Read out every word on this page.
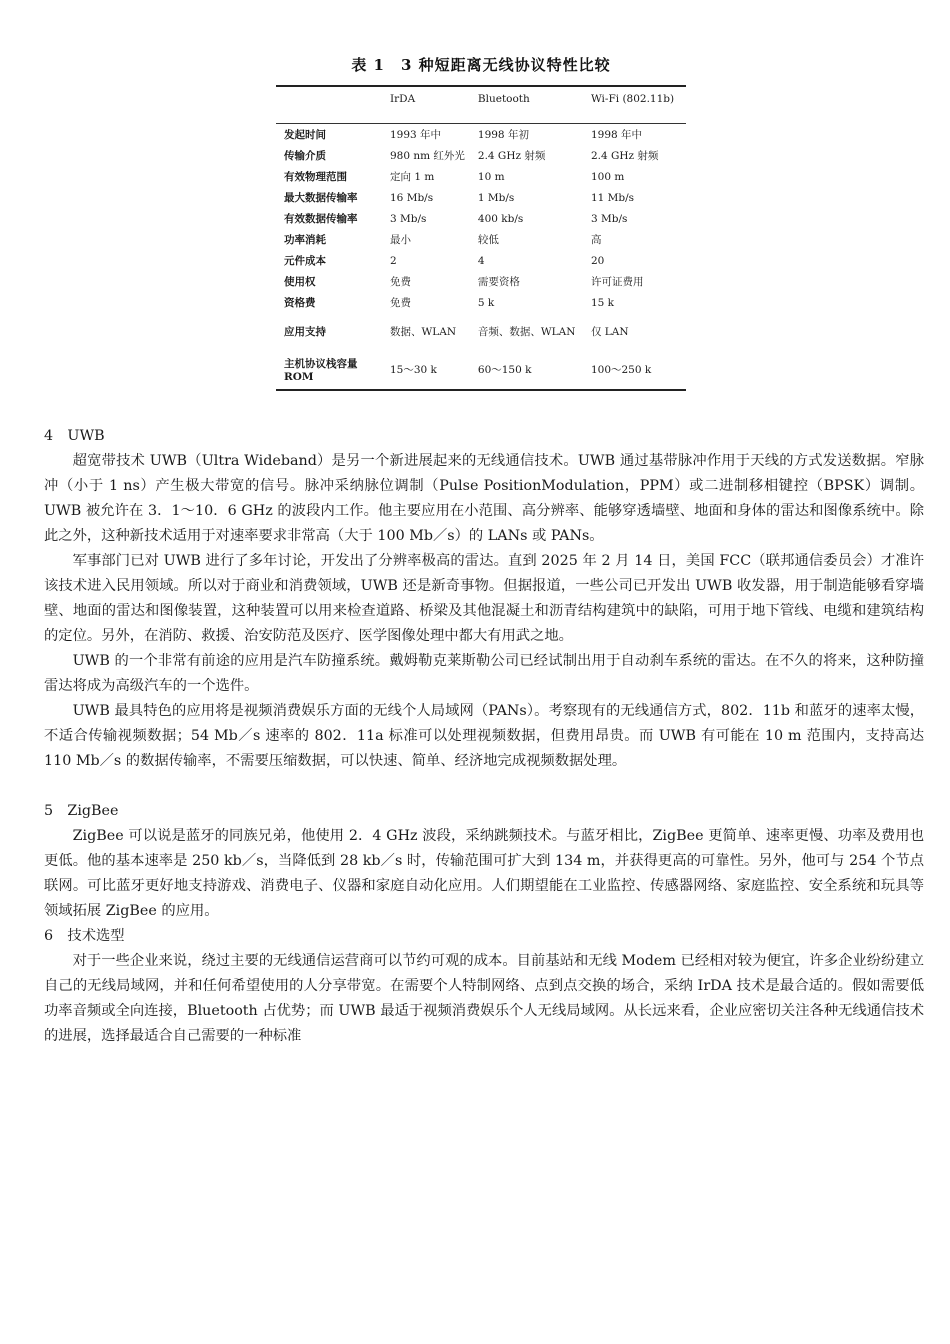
表 1　3 种短距离无线协议特性比较
	IrDA	Bluetooth	Wi-Fi (802.11b)
发起时间	1993 年中	1998 年初	1998 年中
传输介质	980 nm 红外光	2.4 GHz 射频	2.4 GHz 射频
有效物理范围	定向 1 m	10 m	100 m
最大数据传输率	16 Mb/s	1 Mb/s	11 Mb/s
有效数据传输率	3 Mb/s	400 kb/s	3 Mb/s
功率消耗	最小	较低	高
元件成本	2	4	20
使用权	免费	需要资格	许可证费用
资格费	免费	5 k	15 k
应用支持	数据、WLAN	音频、数据、WLAN	仅 LAN
主机协议栈容量 ROM	15～30 k	60～150 k	100～250 k
4　UWB

超宽带技术 UWB（Ultra Wideband）是另一个新进展起来的无线通信技术。UWB 通过基带脉冲作用于天线的方式发送数据。窄脉冲（小于 1 ns）产生极大带宽的信号。脉冲采纳脉位调制（Pulse PositionModulation，PPM）或二进制移相键控（BPSK）调制。UWB 被允许在 3．1～10．6 GHz 的波段内工作。他主要应用在小范围、高分辨率、能够穿透墙壁、地面和身体的雷达和图像系统中。除此之外，这种新技术适用于对速率要求非常高（大于 100 Mb／s）的 LANs 或 PANs。

军事部门已对 UWB 进行了多年讨论，开发出了分辨率极高的雷达。直到 2025 年 2 月 14 日，美国 FCC（联邦通信委员会）才准许该技术进入民用领域。所以对于商业和消费领域，UWB 还是新奇事物。但据报道，一些公司已开发出 UWB 收发器，用于制造能够看穿墙壁、地面的雷达和图像装置，这种装置可以用来检查道路、桥梁及其他混凝土和沥青结构建筑中的缺陷，可用于地下管线、电缆和建筑结构的定位。另外，在消防、救援、治安防范及医疗、医学图像处理中都大有用武之地。

UWB 的一个非常有前途的应用是汽车防撞系统。戴姆勒克莱斯勒公司已经试制出用于自动刹车系统的雷达。在不久的将来，这种防撞雷达将成为高级汽车的一个选件。

UWB 最具特色的应用将是视频消费娱乐方面的无线个人局域网（PANs）。考察现有的无线通信方式，802．11b 和蓝牙的速率太慢，不适合传输视频数据；54 Mb／s 速率的 802．11a 标准可以处理视频数据，但费用昂贵。而 UWB 有可能在 10 m 范围内，支持高达 110 Mb／s 的数据传输率，不需要压缩数据，可以快速、简单、经济地完成视频数据处理。

5　ZigBee

ZigBee 可以说是蓝牙的同族兄弟，他使用 2．4 GHz 波段，采纳跳频技术。与蓝牙相比，ZigBee 更简单、速率更慢、功率及费用也更低。他的基本速率是 250 kb／s，当降低到 28 kb／s 时，传输范围可扩大到 134 m，并获得更高的可靠性。另外，他可与 254 个节点联网。可比蓝牙更好地支持游戏、消费电子、仪器和家庭自动化应用。人们期望能在工业监控、传感器网络、家庭监控、安全系统和玩具等领域拓展 ZigBee 的应用。

6　技术选型

对于一些企业来说，绕过主要的无线通信运营商可以节约可观的成本。目前基站和无线 Modem 已经相对较为便宜，许多企业纷纷建立自己的无线局域网，并和任何希望使用的人分享带宽。在需要个人特制网络、点到点交换的场合，采纳 IrDA 技术是最合适的。假如需要低功率音频或全向连接，Bluetooth 占优势；而 UWB 最适于视频消费娱乐个人无线局域网。从长远来看，企业应密切关注各种无线通信技术的进展，选择最适合自己需要的一种标准
